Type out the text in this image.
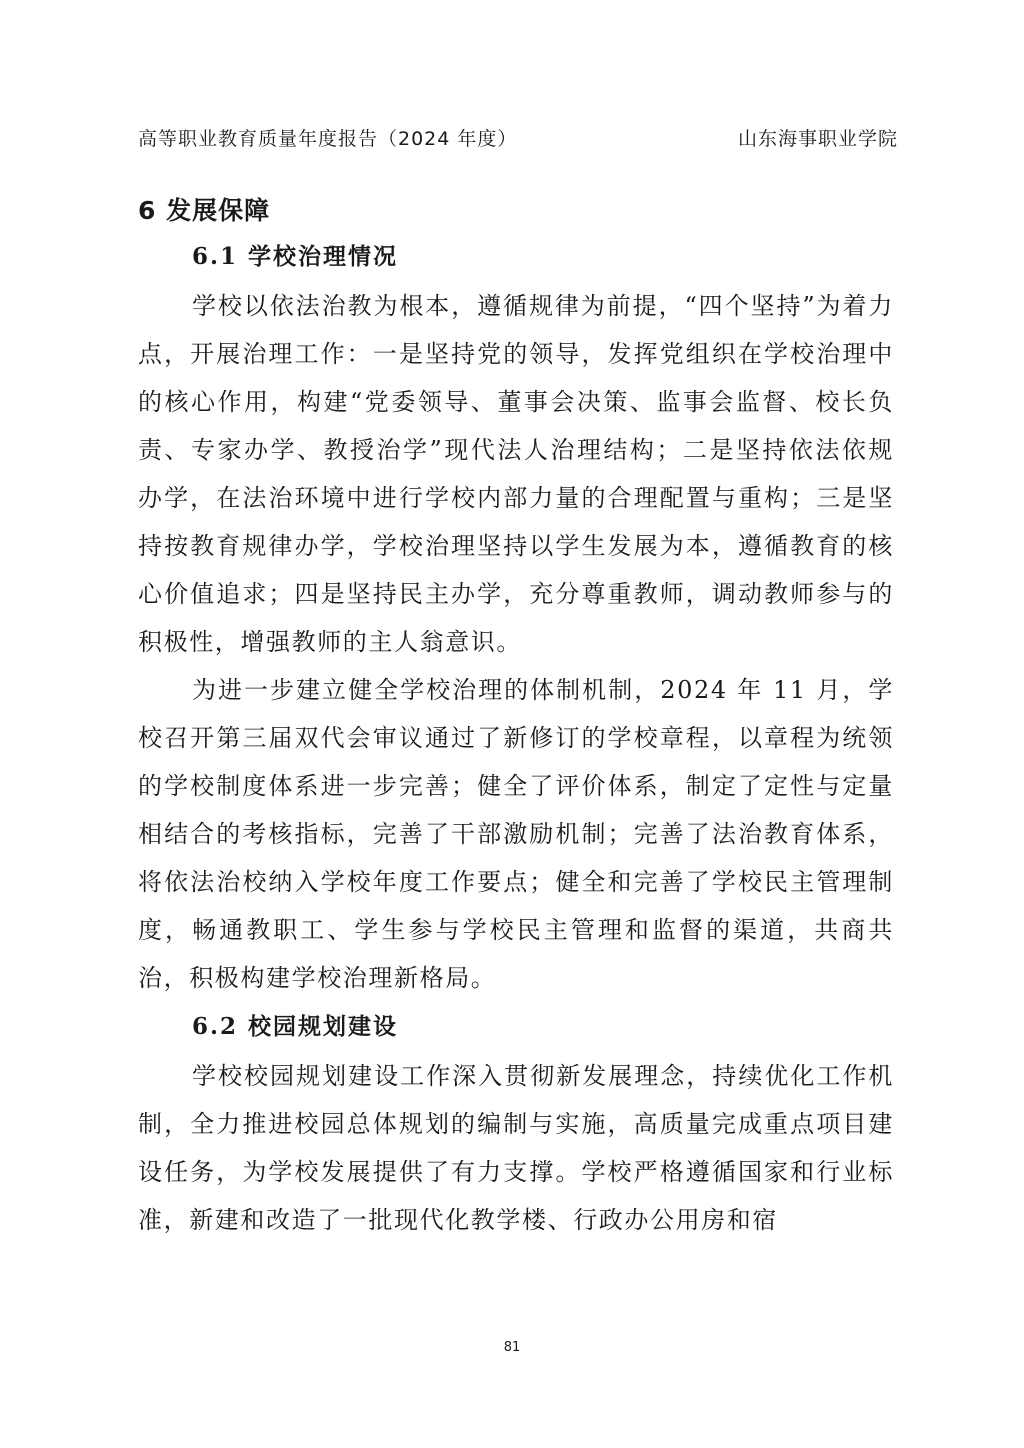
高等职业教育质量年度报告（2024 年度）	山东海事职业学院
6 发展保障
6.1 学校治理情况

学校以依法治教为根本，遵循规律为前提，“四个坚持”为着力点，开展治理工作：一是坚持党的领导，发挥党组织在学校治理中的核心作用，构建“党委领导、董事会决策、监事会监督、校长负责、专家办学、教授治学”现代法人治理结构；二是坚持依法依规办学，在法治环境中进行学校内部力量的合理配置与重构；三是坚持按教育规律办学，学校治理坚持以学生发展为本，遵循教育的核心价值追求；四是坚持民主办学，充分尊重教师，调动教师参与的积极性，增强教师的主人翁意识。

为进一步建立健全学校治理的体制机制，2024 年 11 月，学校召开第三届双代会审议通过了新修订的学校章程，以章程为统领的学校制度体系进一步完善；健全了评价体系，制定了定性与定量相结合的考核指标，完善了干部激励机制；完善了法治教育体系，将依法治校纳入学校年度工作要点；健全和完善了学校民主管理制度，畅通教职工、学生参与学校民主管理和监督的渠道，共商共治，积极构建学校治理新格局。

6.2 校园规划建设

学校校园规划建设工作深入贯彻新发展理念，持续优化工作机制，全力推进校园总体规划的编制与实施，高质量完成重点项目建设任务，为学校发展提供了有力支撑。学校严格遵循国家和行业标准，新建和改造了一批现代化教学楼、行政办公用房和宿

81
